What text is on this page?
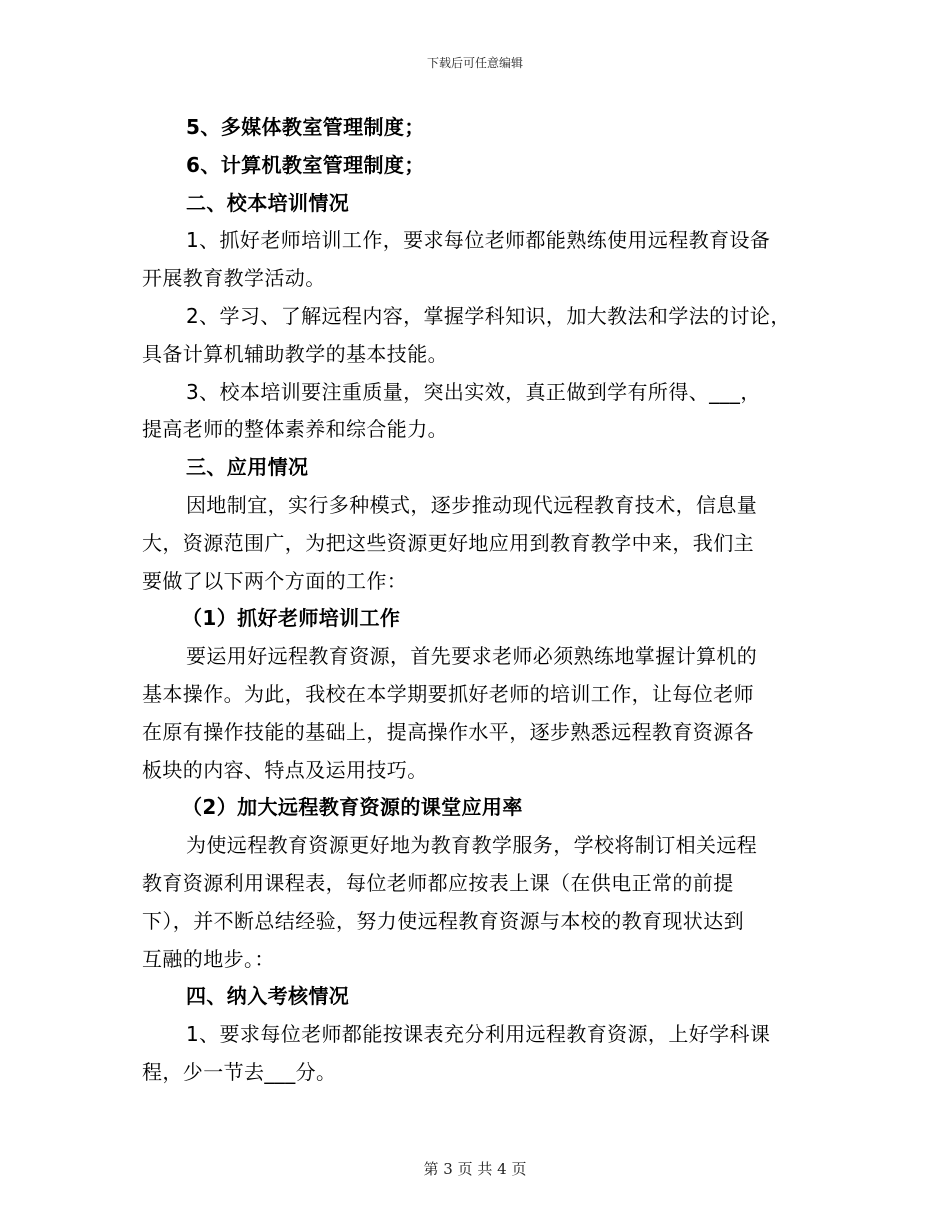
下载后可任意编辑
5、多媒体教室管理制度；
6、计算机教室管理制度；
二、校本培训情况
1、抓好老师培训工作，要求每位老师都能熟练使用远程教育设备
开展教育教学活动。
2、学习、了解远程内容，掌握学科知识，加大教法和学法的讨论，
具备计算机辅助教学的基本技能。
3、校本培训要注重质量，突出实效，真正做到学有所得、___，
提高老师的整体素养和综合能力。
三、应用情况
因地制宜，实行多种模式，逐步推动现代远程教育技术，信息量
大，资源范围广，为把这些资源更好地应用到教育教学中来，我们主
要做了以下两个方面的工作：
（1）抓好老师培训工作
要运用好远程教育资源，首先要求老师必须熟练地掌握计算机的
基本操作。为此，我校在本学期要抓好老师的培训工作，让每位老师
在原有操作技能的基础上，提高操作水平，逐步熟悉远程教育资源各
板块的内容、特点及运用技巧。
（2）加大远程教育资源的课堂应用率
为使远程教育资源更好地为教育教学服务，学校将制订相关远程
教育资源利用课程表，每位老师都应按表上课（在供电正常的前提
下），并不断总结经验，努力使远程教育资源与本校的教育现状达到
互融的地步。：
四、纳入考核情况
1、要求每位老师都能按课表充分利用远程教育资源，上好学科课
程，少一节去___分。
第 3 页 共 4 页
